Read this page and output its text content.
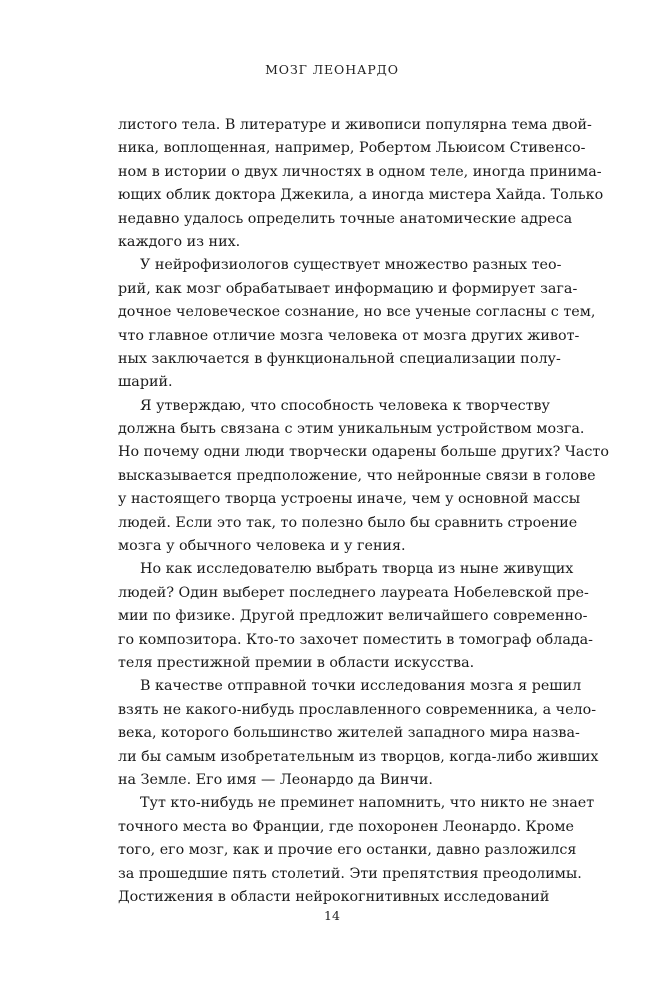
МОЗГ ЛЕОНАРДО
листого тела. В литературе и живописи популярна тема двой-
ника, воплощенная, например, Робертом Льюисом Стивенсо-
ном в истории о двух личностях в одном теле, иногда принима-
ющих облик доктора Джекила, а иногда мистера Хайда. Только
недавно удалось определить точные анатомические адреса
каждого из них.
У нейрофизиологов существует множество разных тео-
рий, как мозг обрабатывает информацию и формирует зага-
дочное человеческое сознание, но все ученые согласны с тем,
что главное отличие мозга человека от мозга других живот-
ных заключается в функциональной специализации полу-
шарий.
Я утверждаю, что способность человека к творчеству
должна быть связана с этим уникальным устройством мозга.
Но почему одни люди творчески одарены больше других? Часто
высказывается предположение, что нейронные связи в голове
у настоящего творца устроены иначе, чем у основной массы
людей. Если это так, то полезно было бы сравнить строение
мозга у обычного человека и у гения.
Но как исследователю выбрать творца из ныне живущих
людей? Один выберет последнего лауреата Нобелевской пре-
мии по физике. Другой предложит величайшего современно-
го композитора. Кто-то захочет поместить в томограф облада-
теля престижной премии в области искусства.
В качестве отправной точки исследования мозга я решил
взять не какого-нибудь прославленного современника, а чело-
века, которого большинство жителей западного мира назва-
ли бы самым изобретательным из творцов, когда-либо живших
на Земле. Его имя — Леонардо да Винчи.
Тут кто-нибудь не преминет напомнить, что никто не знает
точного места во Франции, где похоронен Леонардо. Кроме
того, его мозг, как и прочие его останки, давно разложился
за прошедшие пять столетий. Эти препятствия преодолимы.
Достижения в области нейрокогнитивных исследований
14
